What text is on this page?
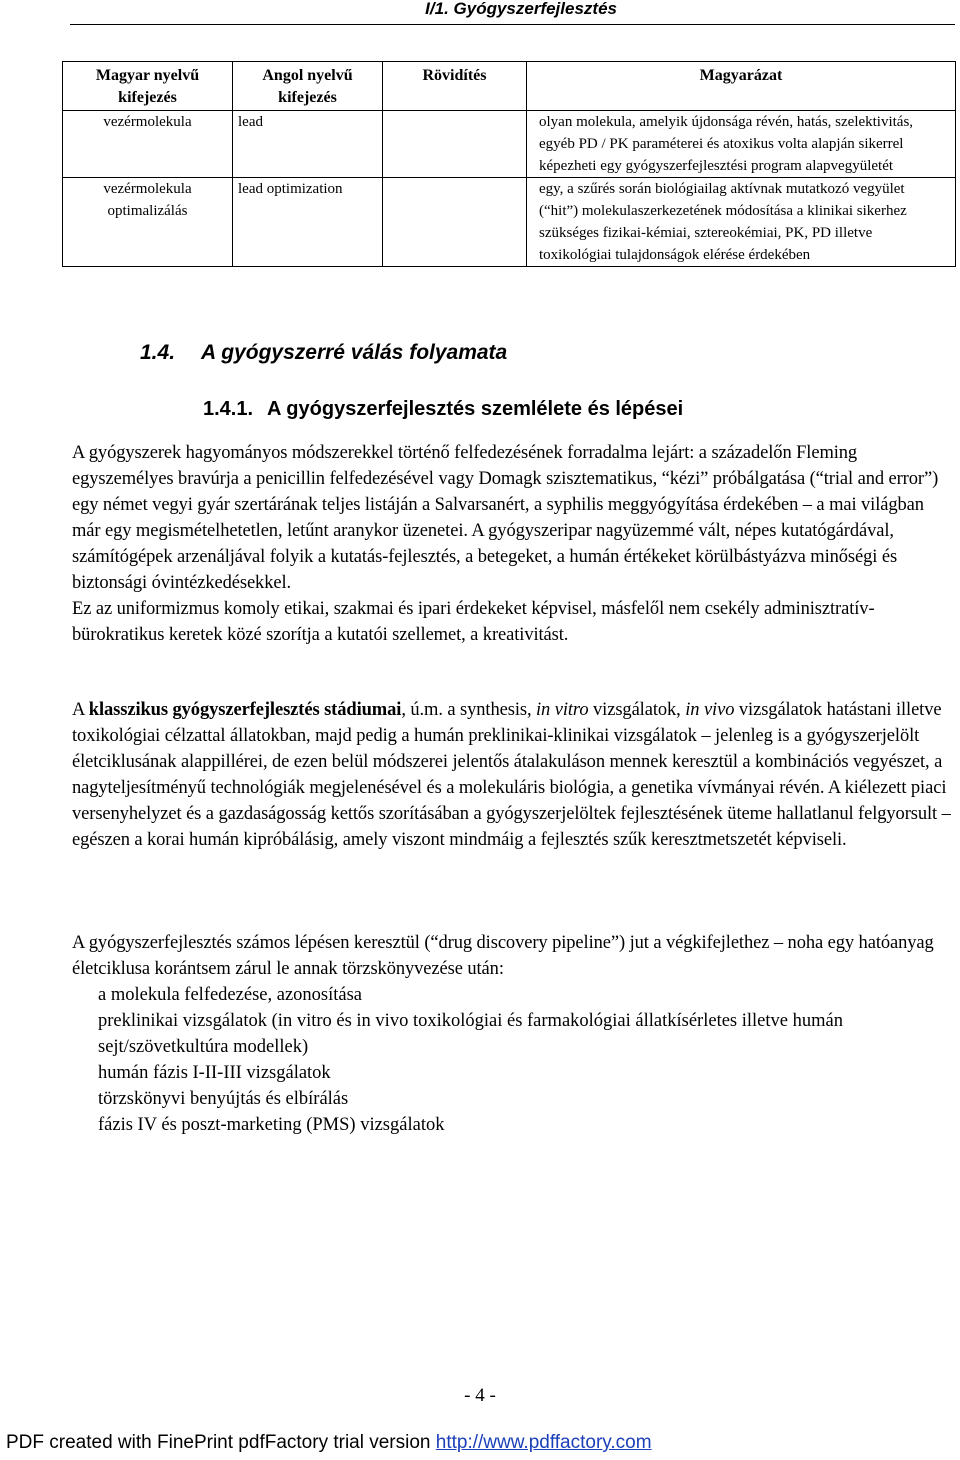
I/1. Gyógyszerfejlesztés
Magyar nyelvű kifejezés	Angol nyelvű kifejezés	Rövidítés	Magyarázat
vezérmolekula	lead		olyan molekula, amelyik újdonsága révén, hatás, szelektivitás, egyéb PD / PK paraméterei és atoxikus volta alapján sikerrel képezheti egy gyógyszerfejlesztési program alapvegyületét
vezérmolekula optimalizálás	lead optimization		egy, a szűrés során biológiailag aktívnak mutatkozó vegyület (“hit”) molekulaszerkezetének módosítása a klinikai sikerhez szükséges fizikai-kémiai, sztereokémiai, PK, PD illetve toxikológiai tulajdonságok elérése érdekében
1.4. A gyógyszerré válás folyamata
1.4.1. A gyógyszerfejlesztés szemlélete és lépései

A gyógyszerek hagyományos módszerekkel történő felfedezésének forradalma lejárt: a századelőn Fleming egyszemélyes bravúrja a penicillin felfedezésével vagy Domagk szisztematikus, “kézi” próbálgatása (“trial and error”) egy német vegyi gyár szertárának teljes listáján a Salvarsanért, a syphilis meggyógyítása érdekében – a mai világban már egy megismételhetetlen, letűnt aranykor üzenetei. A gyógyszeripar nagyüzemmé vált, népes kutatógárdával, számítógépek arzenáljával folyik a kutatás-fejlesztés, a betegeket, a humán értékeket körülbástyázva minőségi és biztonsági óvintézkedésekkel.

Ez az uniformizmus komoly etikai, szakmai és ipari érdekeket képvisel, másfelől nem csekély adminisztratív-bürokratikus keretek közé szorítja a kutatói szellemet, a kreativitást.

A klasszikus gyógyszerfejlesztés stádiumai, ú.m. a synthesis, in vitro vizsgálatok, in vivo vizsgálatok hatástani illetve toxikológiai célzattal állatokban, majd pedig a humán preklinikai-klinikai vizsgálatok – jelenleg is a gyógyszerjelölt életciklusának alappillérei, de ezen belül módszerei jelentős átalakuláson mennek keresztül a kombinációs vegyészet, a nagyteljesítményű technológiák megjelenésével és a molekuláris biológia, a genetika vívmányai révén. A kiélezett piaci versenyhelyzet és a gazdaságosság kettős szorításában a gyógyszerjelöltek fejlesztésének üteme hallatlanul felgyorsult – egészen a korai humán kipróbálásig, amely viszont mindmáig a fejlesztés szűk keresztmetszetét képviseli.

A gyógyszerfejlesztés számos lépésen keresztül (“drug discovery pipeline”) jut a végkifejlethez – noha egy hatóanyag életciklusa korántsem zárul le annak törzskönyvezése után:

a molekula felfedezése, azonosítása
preklinikai vizsgálatok (in vitro és in vivo toxikológiai és farmakológiai állatkísérletes illetve humán sejt/szövetkultúra modellek)
humán fázis I-II-III vizsgálatok
törzskönyvi benyújtás és elbírálás
fázis IV és poszt-marketing (PMS) vizsgálatok
- 4 -
PDF created with FinePrint pdfFactory trial version http://www.pdffactory.com
